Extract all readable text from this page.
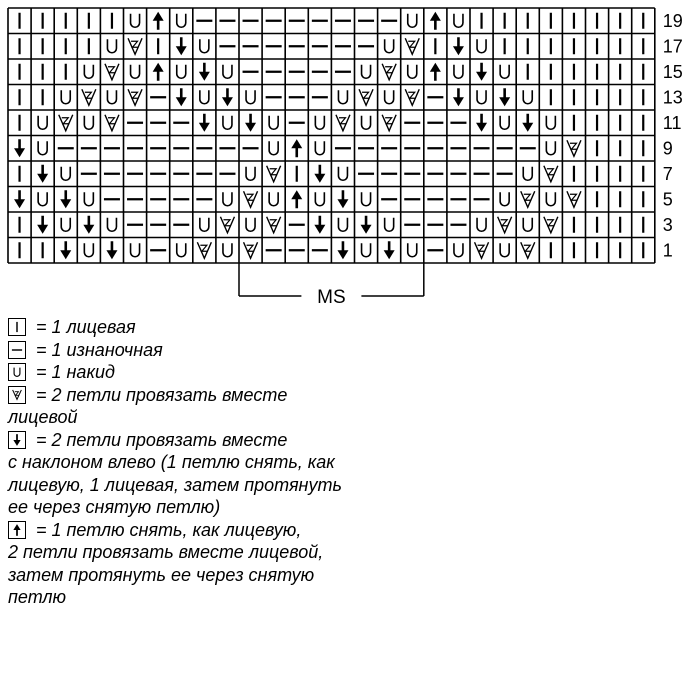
19
17
15
13
11
9
7
5
3
1
MS
= 1 лицевая
= 1 изнаночная
= 1 накид
= 2 петли провязать вместе
лицевой
= 2 петли провязать вместе
с наклоном влево (1 петлю снять, как
лицевую, 1 лицевая, затем протянуть
ее через снятую петлю)
= 1 петлю снять, как лицевую,
2 петли провязать вместе лицевой,
затем протянуть ее через снятую
петлю
